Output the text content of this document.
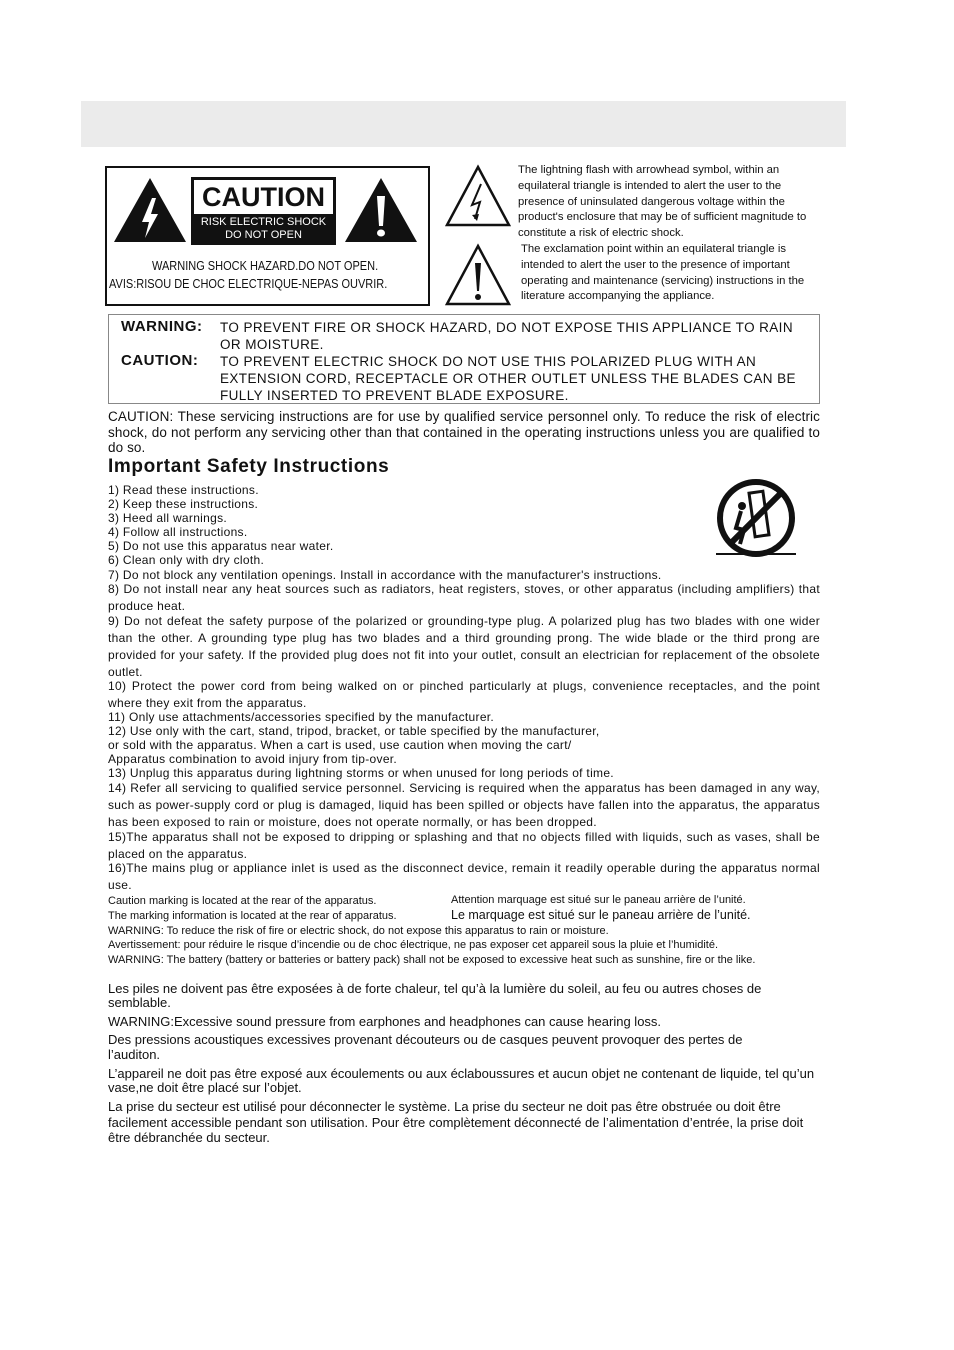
CAUTION
RISK ELECTRIC SHOCK
DO NOT OPEN
WARNING SHOCK HAZARD.DO NOT OPEN.
AVIS:RISOU DE CHOC ELECTRIQUE-NEPAS OUVRIR.
The lightning flash with arrowhead symbol, within an equilateral triangle is intended to alert the user to the presence of uninsulated dangerous voltage within the product's enclosure that may be of sufficient magnitude to constitute a risk of electric shock.
The exclamation point within an equilateral triangle is intended to alert the user to the presence of important operating and maintenance (servicing) instructions in the literature accompanying the appliance.
WARNING: TO PREVENT FIRE OR SHOCK HAZARD, DO NOT EXPOSE THIS APPLIANCE TO RAIN OR MOISTURE.
CAUTION: TO PREVENT ELECTRIC SHOCK DO NOT USE THIS POLARIZED PLUG WITH AN EXTENSION CORD, RECEPTACLE OR OTHER OUTLET UNLESS THE BLADES CAN BE FULLY INSERTED TO PREVENT BLADE EXPOSURE.
CAUTION: These servicing instructions are for use by qualified service personnel only. To reduce the risk of electric shock, do not perform any servicing other than that contained in the operating instructions unless you are qualified to do so.
Important Safety Instructions
1) Read these instructions.
2) Keep these instructions.
3) Heed all warnings.
4) Follow all instructions.
5) Do not use this apparatus near water.
6) Clean only with dry cloth.
7) Do not block any ventilation openings. Install in accordance with the manufacturer's instructions.
8) Do not install near any heat sources such as radiators, heat registers, stoves, or other apparatus (including amplifiers) that produce heat.
9) Do not defeat the safety purpose of the polarized or grounding-type plug. A polarized plug has two blades with one wider than the other. A grounding type plug has two blades and a third grounding prong. The wide blade or the third prong are provided for your safety. If the provided plug does not fit into your outlet, consult an electrician for replacement of the obsolete outlet.
10) Protect the power cord from being walked on or pinched particularly at plugs, convenience receptacles, and the point where they exit from the apparatus.
11) Only use attachments/accessories specified by the manufacturer.
12) Use only with the cart, stand, tripod, bracket, or table specified by the manufacturer,
or sold with the apparatus. When a cart is used, use caution when moving the cart/
Apparatus combination to avoid injury from tip-over.
13) Unplug this apparatus during lightning storms or when unused for long periods of time.
14) Refer all servicing to qualified service personnel. Servicing is required when the apparatus has been damaged in any way, such as power-supply cord or plug is damaged, liquid has been spilled or objects have fallen into the apparatus, the apparatus has been exposed to rain or moisture, does not operate normally, or has been dropped.
15)The apparatus shall not be exposed to dripping or splashing and that no objects filled with liquids, such as vases, shall be placed on the apparatus.
16)The mains plug or appliance inlet is used as the disconnect device, remain it readily operable during the apparatus normal use.
Caution marking is located at the rear of the apparatus.	Attention marquage est situé sur le paneau arrière de l’unité.
The marking information is located at the rear of apparatus.	Le marquage est situé sur le paneau arrière de l’unité.
WARNING: To reduce the risk of fire or electric shock, do not expose this apparatus to rain or moisture.
Avertissement: pour réduire le risque d’incendie ou de choc électrique, ne pas exposer cet appareil sous la pluie et l’humidité.
WARNING: The battery (battery or batteries or battery pack) shall not be exposed to excessive heat such as sunshine, fire or the like.
Les piles ne doivent pas être exposées à de forte chaleur, tel qu’à la lumière du soleil, au feu ou autres choses de semblable.
WARNING:Excessive sound pressure from earphones and headphones can cause hearing loss.
Des pressions acoustiques excessives provenant découteurs ou de casques peuvent provoquer des pertes de l’auditon.
L’appareil ne doit pas être exposé aux écoulements ou aux éclaboussures et aucun objet ne contenant de liquide, tel qu’un vase,ne doit être placé sur l’objet.
La prise du secteur est utilisé pour déconnecter le système. La prise du secteur ne doit pas être obstruée ou doit être facilement accessible pendant son utilisation. Pour être complètement déconnecté de l’alimentation d’entrée, la prise doit être débranchée du secteur.
